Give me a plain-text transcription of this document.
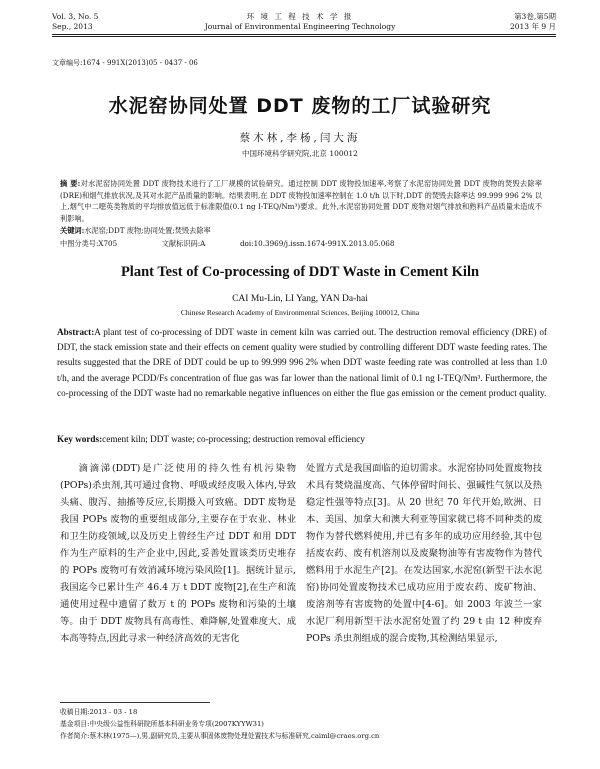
Vol. 3, No. 5
Sep., 2013
环 境 工 程 技 术 学 报
Journal of Environmental Engineering Technology
第3卷,第5期
2013 年 9 月
文章编号:1674 - 991X(2013)05 - 0437 - 06
水泥窑协同处置 DDT 废物的工厂试验研究
蔡木林,李杨,闫大海
中国环境科学研究院,北京 100012
摘 要:对水泥窑协同处置 DDT 废物技术进行了工厂规模的试验研究。通过控制 DDT 废物投加速率,考察了水泥窑协同处置 DDT 废物的焚毁去除率(DRE)和烟气排放状况,及其对水泥产品质量的影响。结果表明,在 DDT 废物投加速率控制在 1.0 t/h 以下时,DDT 的焚毁去除率达 99.999 996 2% 以上,烟气中二噁英类物质的平均排放值远低于标准限值(0.1 ng I-TEQ/Nm³)要求。此外,水泥窑协同处置 DDT 废物对烟气排放和熟料产品质量未造成不利影响。
关键词:水泥窑;DDT 废物;协同处置;焚毁去除率
中图分类号:X705	文献标识码:A	doi:10.3969/j.issn.1674-991X.2013.05.068
Plant Test of Co-processing of DDT Waste in Cement Kiln
CAI Mu-Lin, LI Yang, YAN Da-hai
Chinese Research Academy of Environmental Sciences, Beijing 100012, China
Abstract:A plant test of co-processing of DDT waste in cement kiln was carried out. The destruction removal efficiency (DRE) of DDT, the stack emission state and their effects on cement quality were studied by controlling different DDT waste feeding rates. The results suggested that the DRE of DDT could be up to 99.999 996 2% when DDT waste feeding rate was controlled at less than 1.0 t/h, and the average PCDD/Fs concentration of flue gas was far lower than the national limit of 0.1 ng I-TEQ/Nm³. Furthermore, the co-processing of the DDT waste had no remarkable negative influences on either the flue gas emission or the cement product quality.
Key words:cement kiln; DDT waste; co-processing; destruction removal efficiency
滴滴涕(DDT)是广泛使用的持久性有机污染物(POPs)杀虫剂,其可通过食物、呼吸或经皮吸入体内,导致头痛、腹泻、抽搐等反应,长期摄入可致癌。DDT 废物是我国 POPs 废物的重要组成部分,主要存在于农业、林业和卫生防疫领域,以及历史上曾经生产过 DDT 和用 DDT 作为生产原料的生产企业中,因此,妥善处置该类历史堆存的 POPs 废物可有效消减环境污染风险[1]。据统计显示,我国迄今已累计生产 46.4 万 t DDT 废物[2],在生产和流通使用过程中遗留了数万 t 的 POPs 废物和污染的土壤等。由于 DDT 废物具有高毒性、难降解,处置难度大、成本高等特点,因此寻求一种经济高效的无害化
处置方式是我国面临的迫切需求。水泥窑协同处置废物技术具有焚烧温度高、气体停留时间长、强碱性气氛以及热稳定性强等特点[3]。从 20 世纪 70 年代开始,欧洲、日本、美国、加拿大和澳大利亚等国家就已将不同种类的废物作为替代燃料使用,并已有多年的成功应用经验,其中包括废农药、废有机溶剂以及废聚物油等有害废物作为替代燃料用于水泥生产[2]。在发达国家,水泥窑(新型干法水泥窑)协同处置废物技术已成功应用于废农药、废矿物油、废溶剂等有害废物的处置中[4-6]。如 2003 年波兰一家水泥厂利用新型干法水泥窑处置了约 29 t 由 12 种废弃 POPs 杀虫剂组成的混合废物,其检测结果显示,
收稿日期:2013 - 03 - 18
基金项目:中央级公益性科研院所基本科研业务专项(2007KYYW31)
作者简介:蔡木林(1975—),男,副研究员,主要从事固体废物处理处置技术与标准研究,caiml@craes.org.cn
